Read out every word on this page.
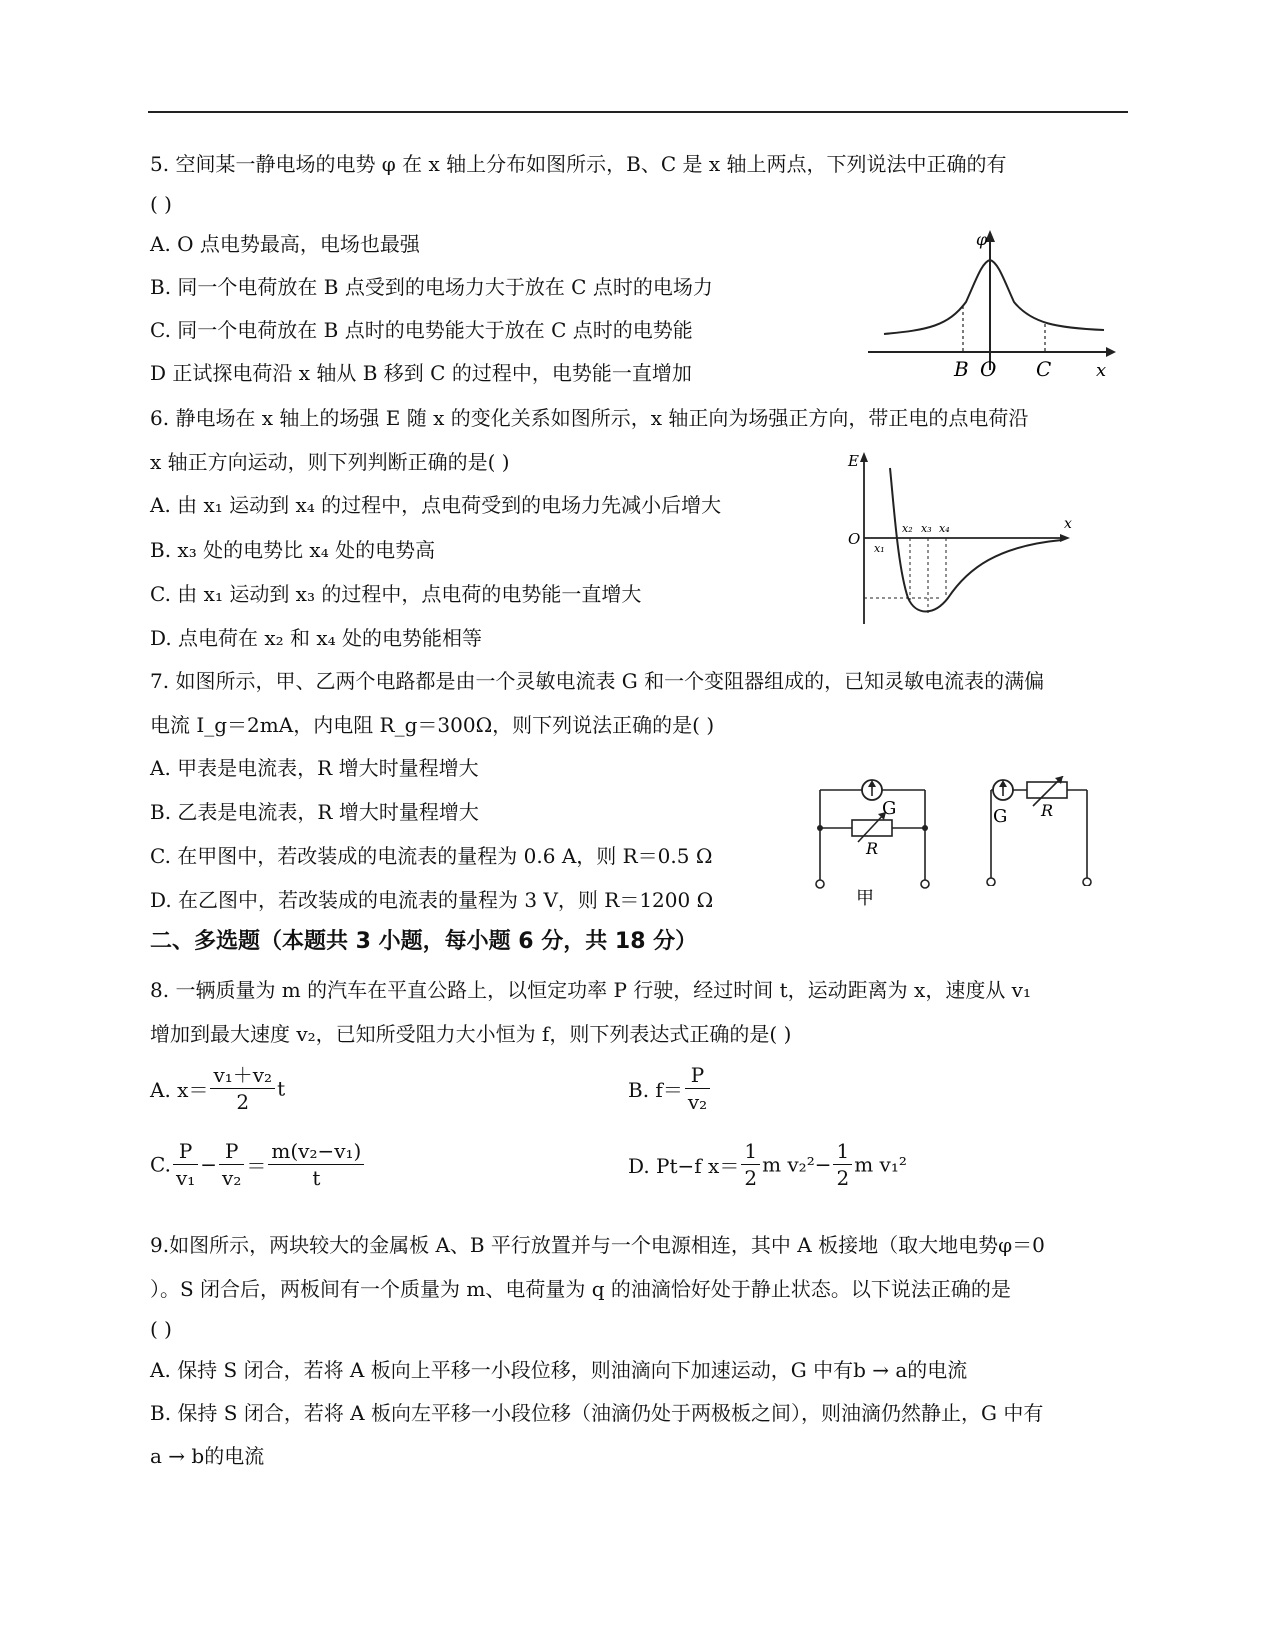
5. 空间某一静电场的电势 φ 在 x 轴上分布如图所示，B、C 是 x 轴上两点，下列说法中正确的有
( )
A. O 点电势最高，电场也最强
B. 同一个电荷放在 B 点受到的电场力大于放在 C 点时的电场力
C. 同一个电荷放在 B 点时的电势能大于放在 C 点时的电势能
D 正试探电荷沿 x 轴从 B 移到 C 的过程中，电势能一直增加
φ
x
B O C
6. 静电场在 x 轴上的场强 E 随 x 的变化关系如图所示，x 轴正向为场强正方向，带正电的点电荷沿
x 轴正方向运动，则下列判断正确的是( )
A. 由 x₁ 运动到 x₄ 的过程中，点电荷受到的电场力先减小后增大
B. x₃ 处的电势比 x₄ 处的电势高
C. 由 x₁ 运动到 x₃ 的过程中，点电荷的电势能一直增大
D. 点电荷在 x₂ 和 x₄ 处的电势能相等
E
O
x
x₁
x₂ x₃ x₄
7. 如图所示，甲、乙两个电路都是由一个灵敏电流表 G 和一个变阻器组成的，已知灵敏电流表的满偏
电流 I_g＝2mA，内电阻 R_g＝300Ω，则下列说法正确的是( )
A. 甲表是电流表，R 增大时量程增大
B. 乙表是电流表，R 增大时量程增大
C. 在甲图中，若改装成的电流表的量程为 0.6 A，则 R＝0.5 Ω
D. 在乙图中，若改装成的电流表的量程为 3 V，则 R＝1200 Ω
G
R
甲
G R
二、多选题（本题共 3 小题，每小题 6 分，共 18 分）
8. 一辆质量为 m 的汽车在平直公路上，以恒定功率 P 行驶，经过时间 t，运动距离为 x，速度从 v₁
增加到最大速度 v₂，已知所受阻力大小恒为 f，则下列表达式正确的是( )
A. $x= \frac{\text{v₁＋v₂}}{2}$ t	B. $f= \frac{P}{\text{v₂}}$
C. $\frac{P}{\text{v₁}} - \frac{P}{\text{v₂}} = \frac{\text{m(v₂−v₁)}}{t}$	D. Pt−f $x= \frac{1}{2}$ m $v_2^2- \frac{1}{2}$ m v₁²
9.如图所示，两块较大的金属板 A、B 平行放置并与一个电源相连，其中 A 板接地（取大地电势φ＝0
）。S 闭合后，两板间有一个质量为 m、电荷量为 q 的油滴恰好处于静止状态。以下说法正确的是
( )
A. 保持 S 闭合，若将 A 板向上平移一小段位移，则油滴向下加速运动，G 中有b → a的电流
B. 保持 S 闭合，若将 A 板向左平移一小段位移（油滴仍处于两极板之间），则油滴仍然静止，G 中有
a → b的电流
